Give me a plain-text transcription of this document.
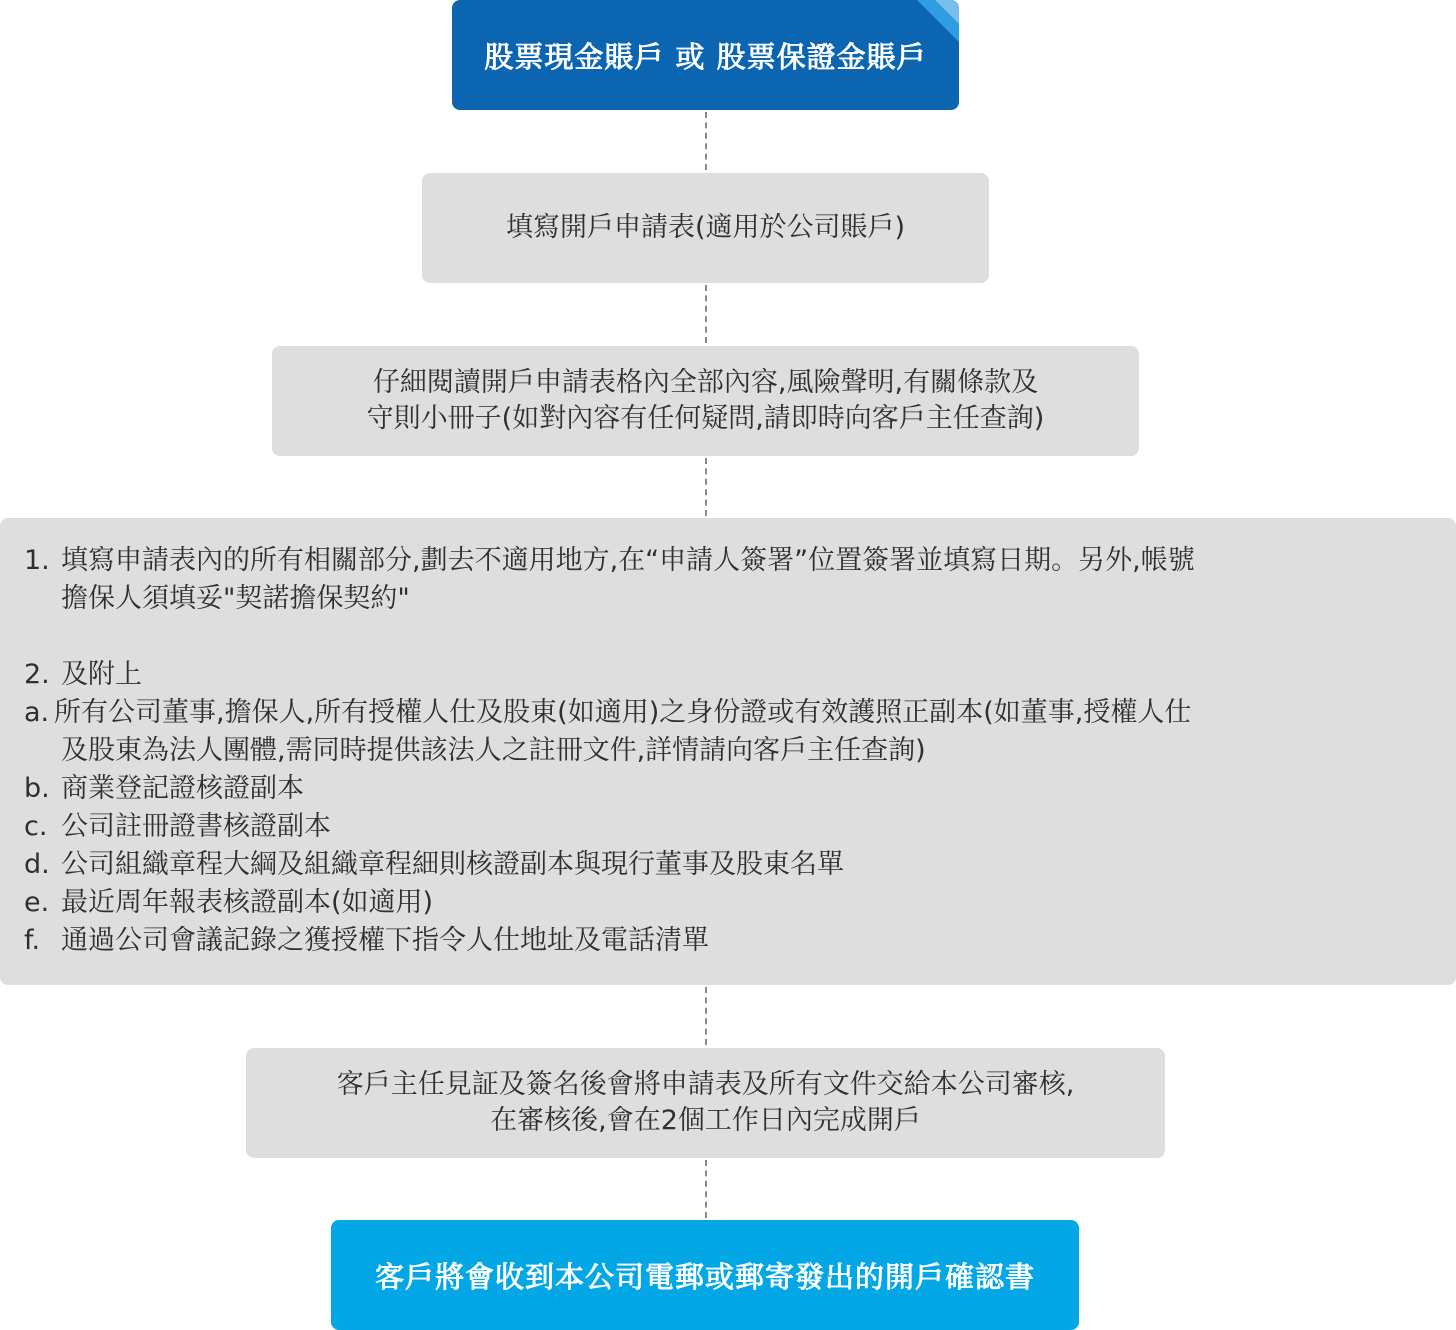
股票現金賬戶 或 股票保證金賬戶
填寫開戶申請表(適用於公司賬戶)
仔細閱讀開戶申請表格內全部內容,風險聲明,有關條款及
守則小冊子(如對內容有任何疑問,請即時向客戶主任查詢)
1. 填寫申請表內的所有相關部分,劃去不適用地方,在“申請人簽署”位置簽署並填寫日期。另外,帳號
擔保人須填妥"契諾擔保契約"
2. 及附上
a. 所有公司董事,擔保人,所有授權人仕及股東(如適用)之身份證或有效護照正副本(如董事,授權人仕
及股東為法人團體,需同時提供該法人之註冊文件,詳情請向客戶主任查詢)
b. 商業登記證核證副本
c. 公司註冊證書核證副本
d. 公司組織章程大綱及組織章程細則核證副本與現行董事及股東名單
e. 最近周年報表核證副本(如適用)
f. 通過公司會議記錄之獲授權下指令人仕地址及電話清單
客戶主任見証及簽名後會將申請表及所有文件交給本公司審核,
在審核後,會在2個工作日內完成開戶
客戶將會收到本公司電郵或郵寄發出的開戶確認書
